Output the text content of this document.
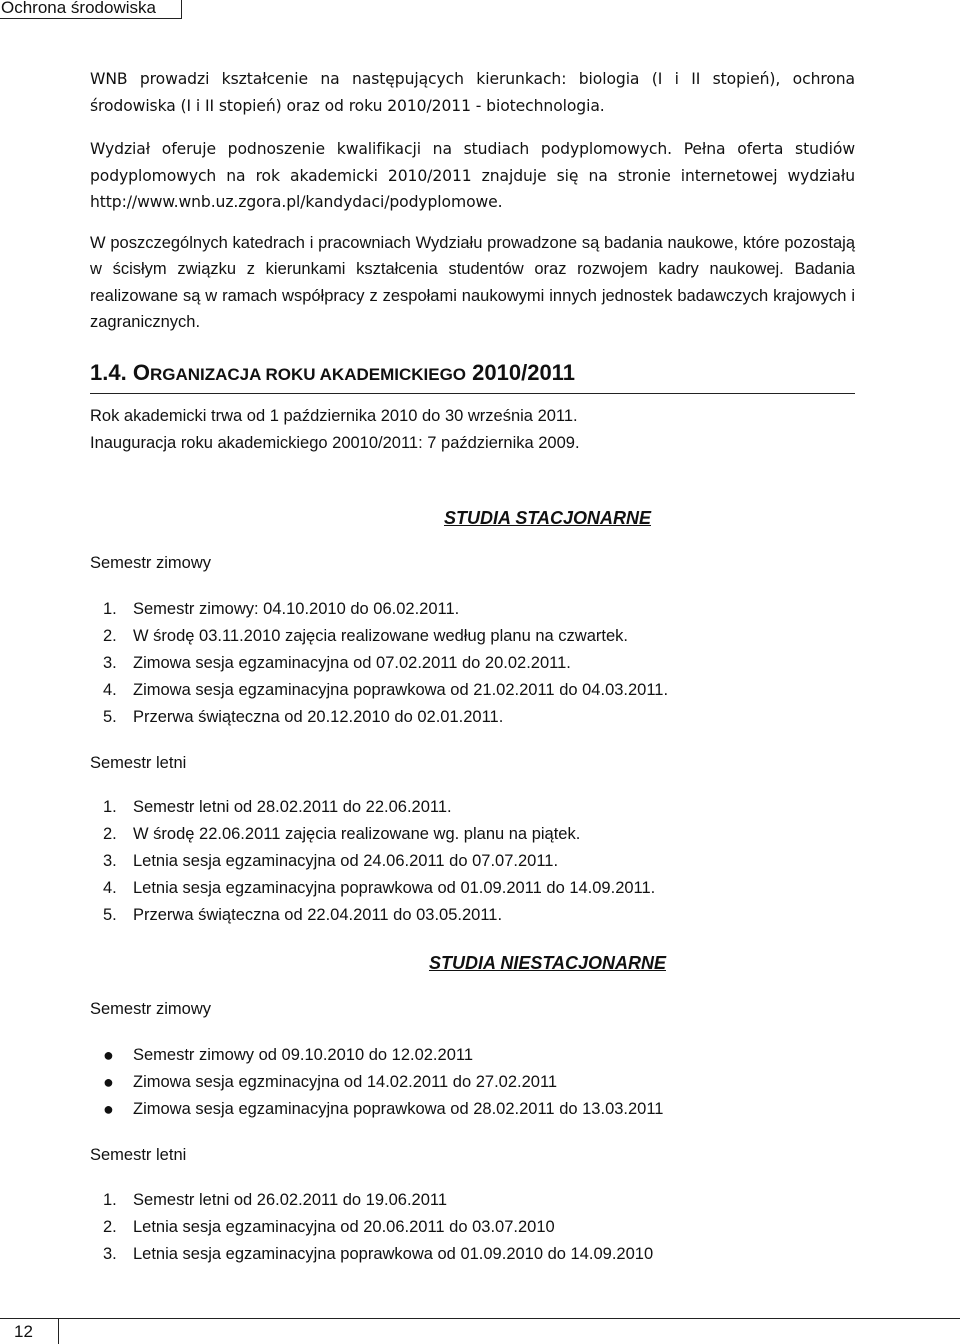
Ochrona środowiska

WNB prowadzi kształcenie na następujących kierunkach: biologia (I i II stopień), ochrona środowiska (I i II stopień) oraz od roku 2010/2011 - biotechnologia.

Wydział oferuje podnoszenie kwalifikacji na studiach podyplomowych. Pełna oferta studiów podyplomowych na rok akademicki 2010/2011 znajduje się na stronie internetowej wydziału http://www.wnb.uz.zgora.pl/kandydaci/podyplomowe.

W poszczególnych katedrach i pracowniach Wydziału prowadzone są badania naukowe, które pozostają w ścisłym związku z kierunkami kształcenia studentów oraz rozwojem kadry naukowej. Badania realizowane są w ramach współpracy z zespołami naukowymi innych jednostek badawczych krajowych i zagranicznych.

1.4. ORGANIZACJA ROKU AKADEMICKIEGO 2010/2011
Rok akademicki trwa od 1 października 2010 do 30 września 2011.
Inauguracja roku akademickiego 20010/2011: 7 października 2009.
STUDIA STACJONARNE
Semestr zimowy
1. Semestr zimowy: 04.10.2010 do 06.02.2011.
2. W środę 03.11.2010 zajęcia realizowane według planu na czwartek.
3. Zimowa sesja egzaminacyjna od 07.02.2011 do 20.02.2011.
4. Zimowa sesja egzaminacyjna poprawkowa od 21.02.2011 do 04.03.2011.
5. Przerwa świąteczna od 20.12.2010 do 02.01.2011.
Semestr letni
1. Semestr letni od 28.02.2011 do 22.06.2011.
2. W środę 22.06.2011 zajęcia realizowane wg. planu na piątek.
3. Letnia sesja egzaminacyjna od 24.06.2011 do 07.07.2011.
4. Letnia sesja egzaminacyjna poprawkowa od 01.09.2011 do 14.09.2011.
5. Przerwa świąteczna od 22.04.2011 do 03.05.2011.
STUDIA NIESTACJONARNE
Semestr zimowy
● Semestr zimowy od 09.10.2010 do 12.02.2011
● Zimowa sesja egzminacyjna od 14.02.2011 do 27.02.2011
● Zimowa sesja egzaminacyjna poprawkowa od 28.02.2011 do 13.03.2011
Semestr letni
1. Semestr letni od 26.02.2011 do 19.06.2011
2. Letnia sesja egzaminacyjna od 20.06.2011 do 03.07.2010
3. Letnia sesja egzaminacyjna poprawkowa od 01.09.2010 do 14.09.2010
12
